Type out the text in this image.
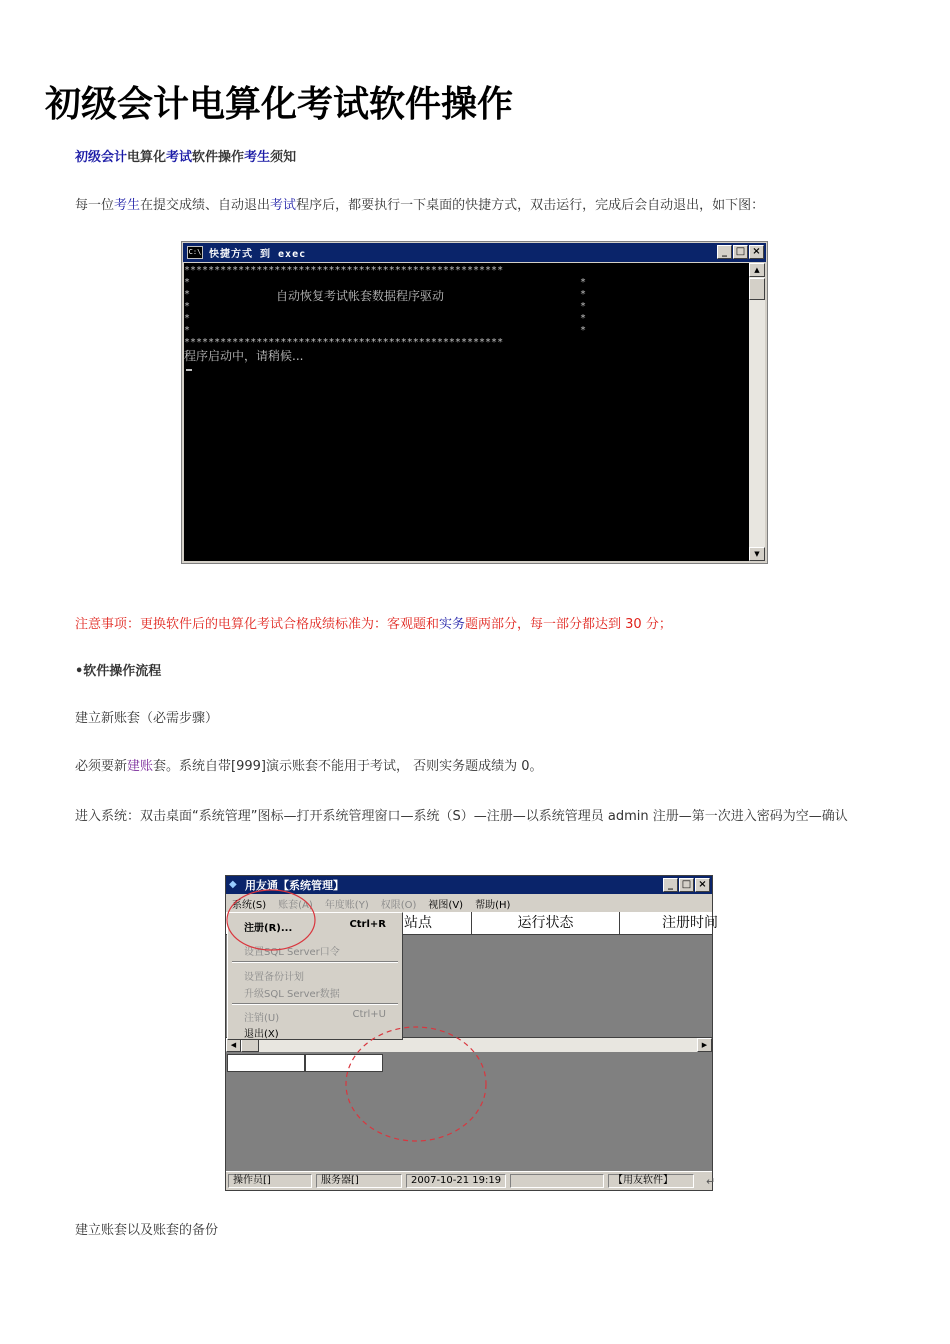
初级会计电算化考试软件操作
初级会计电算化考试软件操作考生须知
每一位考生在提交成绩、自动退出考试程序后，都要执行一下桌面的快捷方式，双击运行，完成后会自动退出，如下图：
C:\ 快捷方式 到 exec	_ □ ×
*****************************************************
*	*
*	*
自动恢复考试帐套数据程序驱动
*	*
*	*
*	*
*****************************************************
程序启动中，请稍候...
▲
▼
注意事项：更换软件后的电算化考试合格成绩标准为：客观题和实务题两部分，每一部分都达到 30 分；
•软件操作流程
建立新账套（必需步骤）
必须要新建账套。系统自带[999]演示账套不能用于考试， 否则实务题成绩为 0。
进入系统：双击桌面“系统管理”图标—打开系统管理窗口—系统（S）—注册—以系统管理员 admin 注册—第一次进入密码为空—确认
◆ 用友通【系统管理】	_ □ ×
系统(S) 账套(A) 年度账(Y) 权限(O) 视图(V) 帮助(H)
站点	运行状态	注册时间
◀	▶
注册(R)...	Ctrl+R
设置SQL Server口令
设置备份计划
升级SQL Server数据
注销(U)	Ctrl+U
退出(X)
操作员[]	服务器[]	2007-10-21 19:19	【用友软件】	↵
建立账套以及账套的备份
